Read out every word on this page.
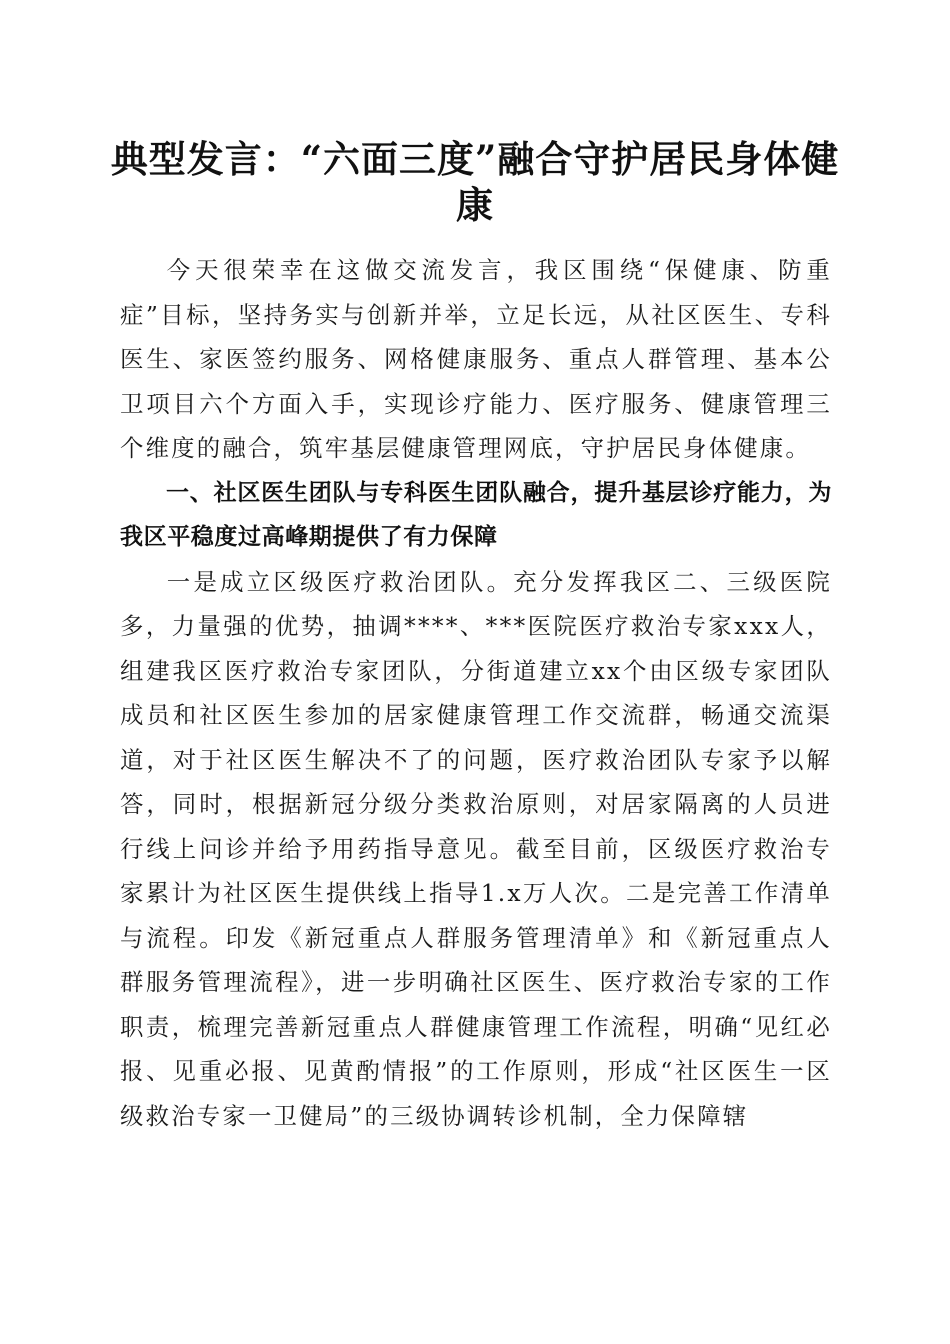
典型发言：“六面三度”融合守护居民身体健康

今天很荣幸在这做交流发言，我区围绕“保健康、防重症”目标，坚持务实与创新并举，立足长远，从社区医生、专科医生、家医签约服务、网格健康服务、重点人群管理、基本公卫项目六个方面入手，实现诊疗能力、医疗服务、健康管理三个维度的融合，筑牢基层健康管理网底，守护居民身体健康。

一、社区医生团队与专科医生团队融合，提升基层诊疗能力，为我区平稳度过高峰期提供了有力保障

一是成立区级医疗救治团队。充分发挥我区二、三级医院多，力量强的优势，抽调****、***医院医疗救治专家xxx人，组建我区医疗救治专家团队，分街道建立xx个由区级专家团队成员和社区医生参加的居家健康管理工作交流群，畅通交流渠道，对于社区医生解决不了的问题，医疗救治团队专家予以解答，同时，根据新冠分级分类救治原则，对居家隔离的人员进行线上问诊并给予用药指导意见。截至目前，区级医疗救治专家累计为社区医生提供线上指导1.x万人次。二是完善工作清单与流程。印发《新冠重点人群服务管理清单》和《新冠重点人群服务管理流程》，进一步明确社区医生、医疗救治专家的工作职责，梳理完善新冠重点人群健康管理工作流程，明确“见红必报、见重必报、见黄酌情报”的工作原则，形成“社区医生一区级救治专家一卫健局”的三级协调转诊机制，全力保障辖
